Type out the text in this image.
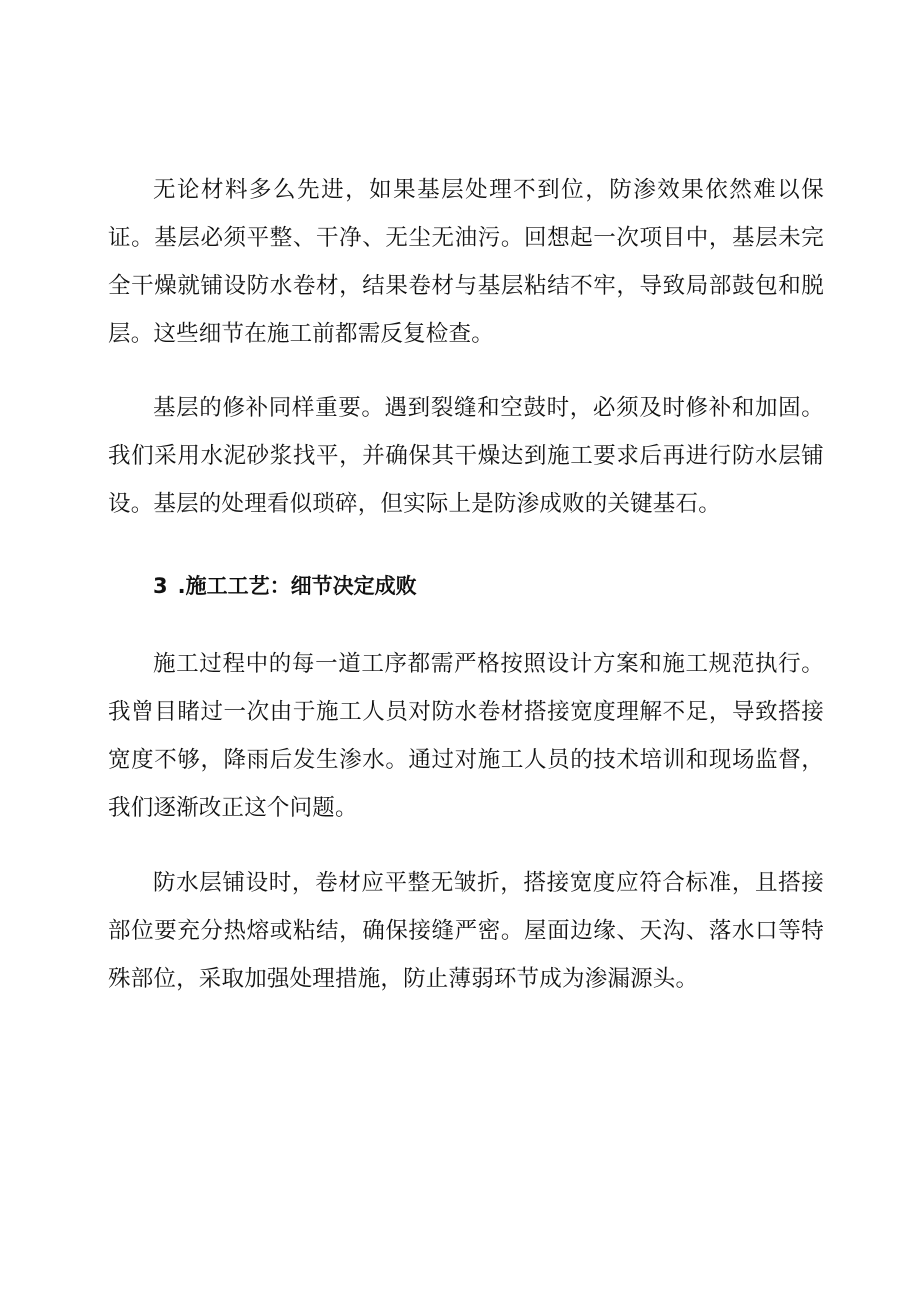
无论材料多么先进，如果基层处理不到位，防渗效果依然难以保证。基层必须平整、干净、无尘无油污。回想起一次项目中，基层未完全干燥就铺设防水卷材，结果卷材与基层粘结不牢，导致局部鼓包和脱层。这些细节在施工前都需反复检查。

基层的修补同样重要。遇到裂缝和空鼓时，必须及时修补和加固。我们采用水泥砂浆找平，并确保其干燥达到施工要求后再进行防水层铺设。基层的处理看似琐碎，但实际上是防渗成败的关键基石。

3 .施工工艺：细节决定成败

施工过程中的每一道工序都需严格按照设计方案和施工规范执行。我曾目睹过一次由于施工人员对防水卷材搭接宽度理解不足，导致搭接宽度不够，降雨后发生渗水。通过对施工人员的技术培训和现场监督，我们逐渐改正这个问题。

防水层铺设时，卷材应平整无皱折，搭接宽度应符合标准，且搭接部位要充分热熔或粘结，确保接缝严密。屋面边缘、天沟、落水口等特殊部位，采取加强处理措施，防止薄弱环节成为渗漏源头。
